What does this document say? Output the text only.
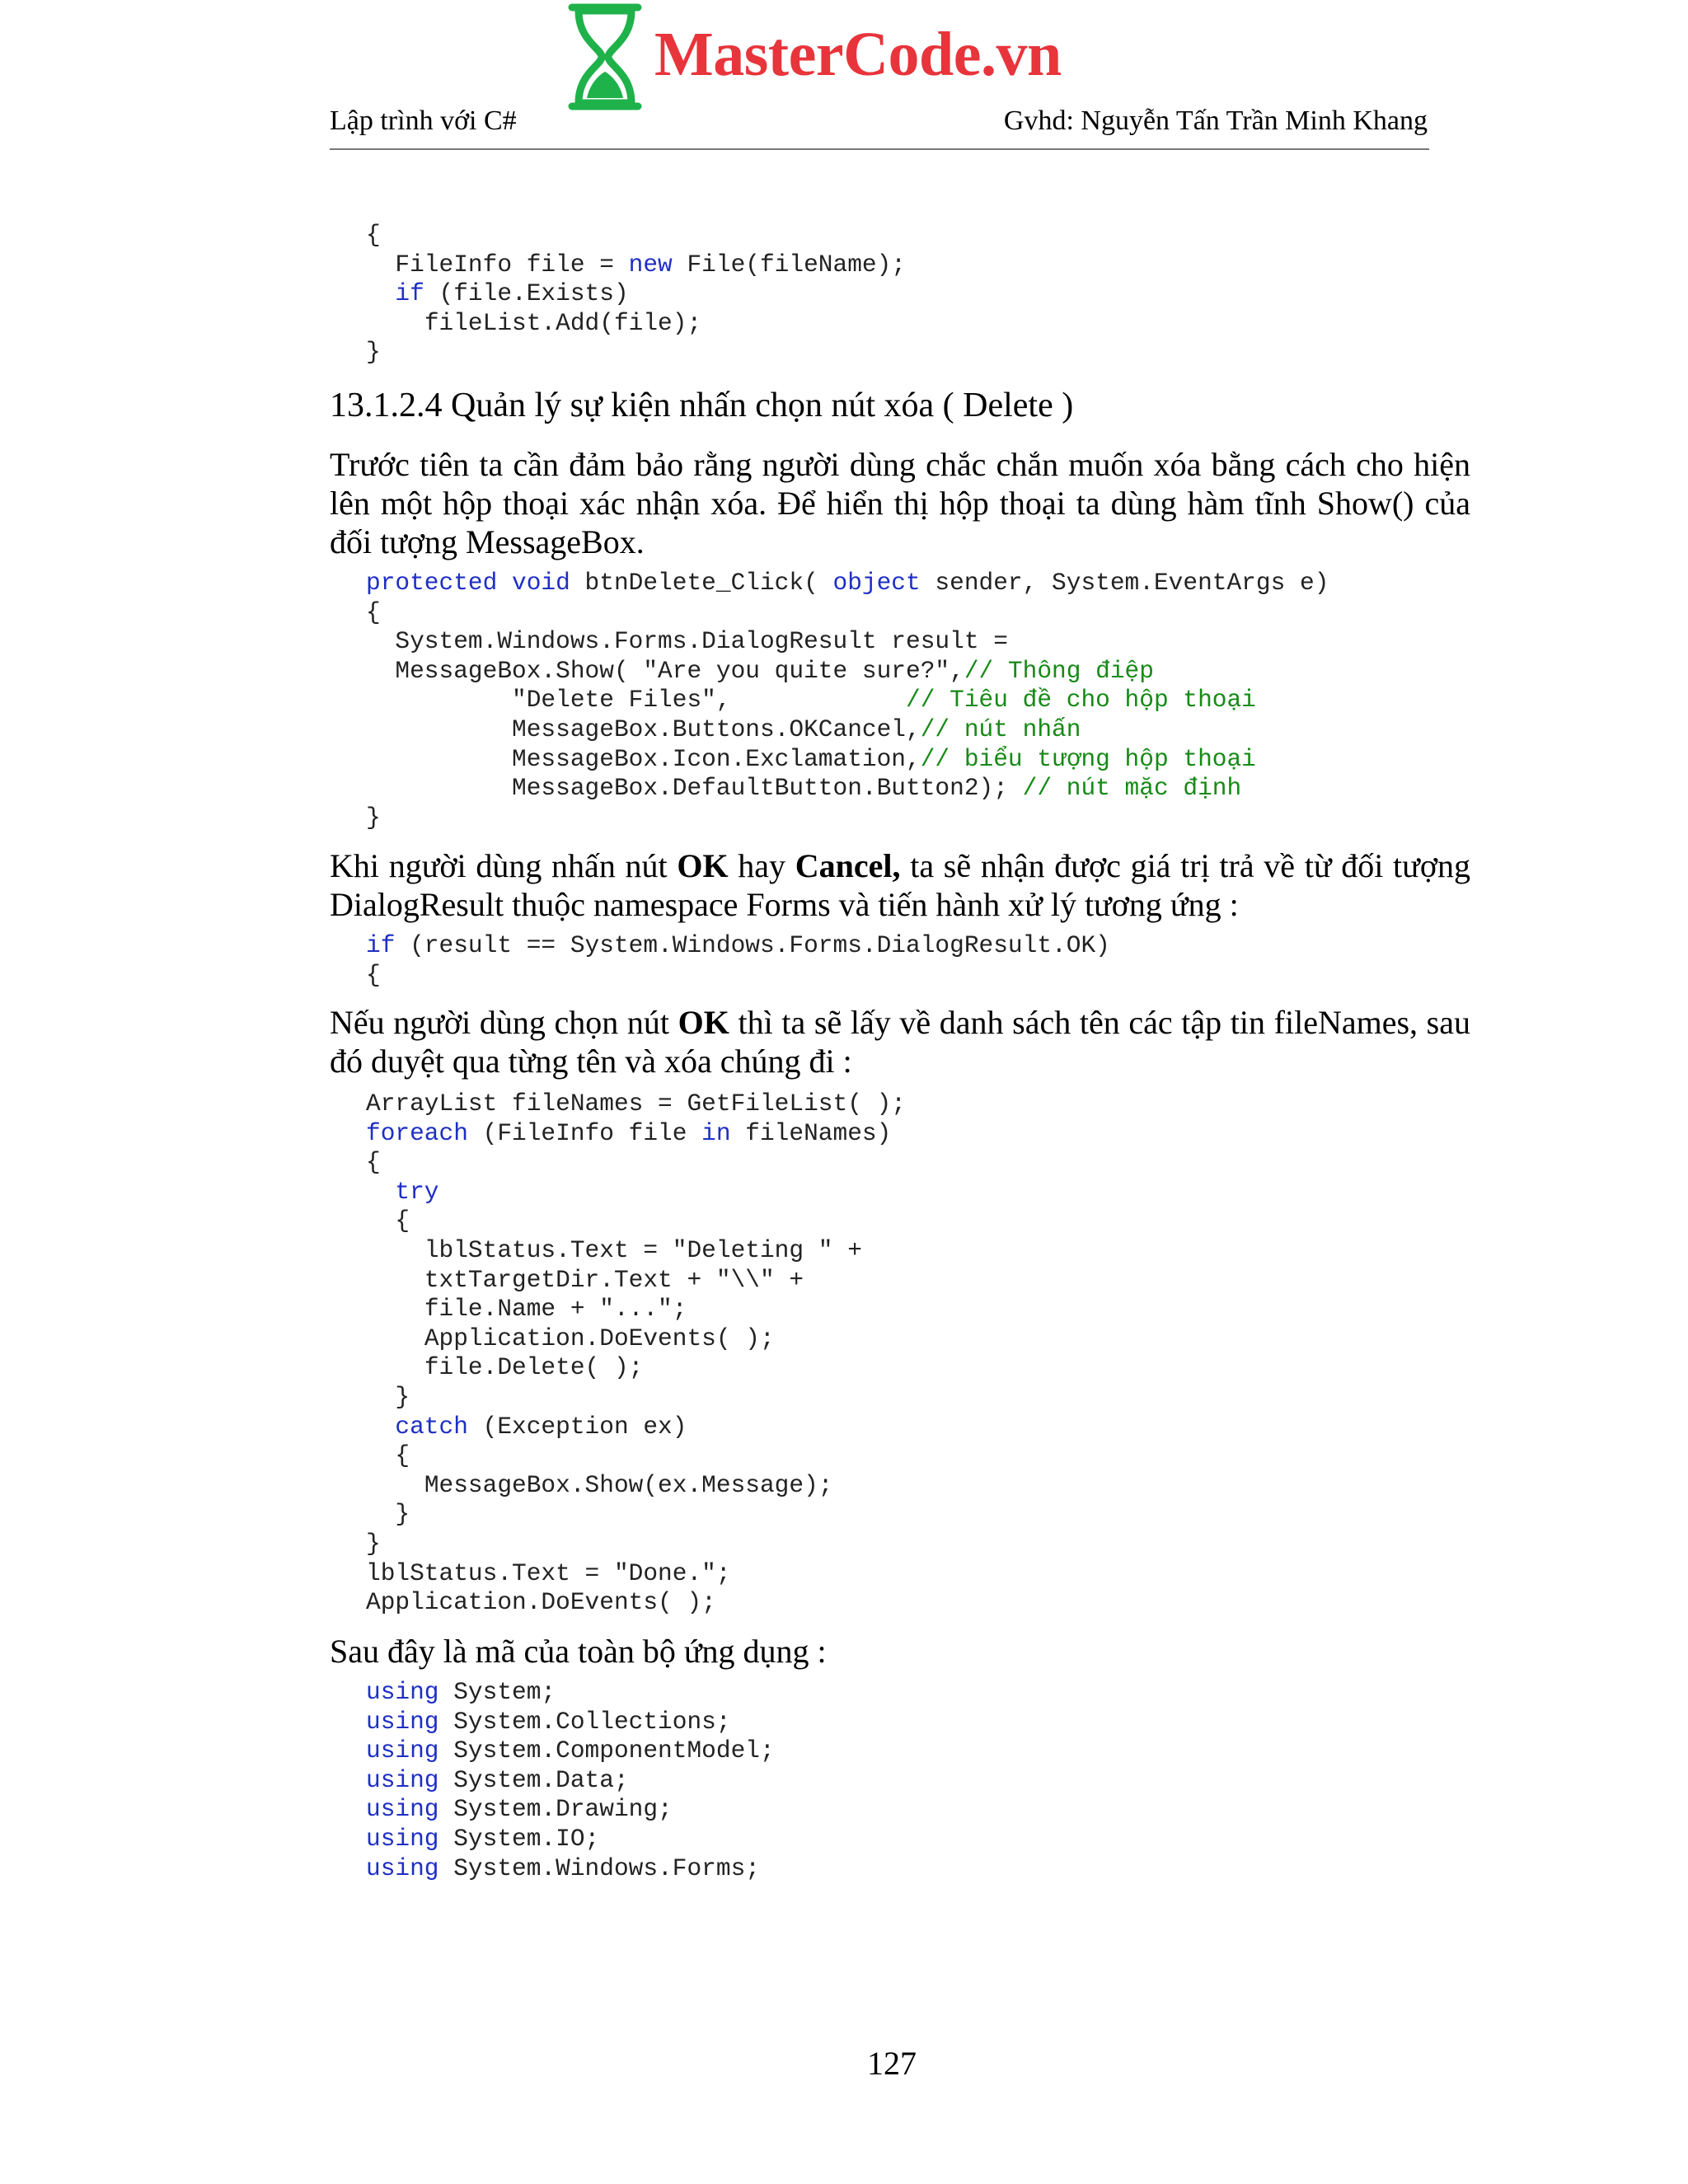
MasterCode.vn
Lập trình với C#	Gvhd: Nguyễn Tấn Trần Minh Khang
{
FileInfo file = new File(fileName);
if (file.Exists)
fileList.Add(file);
}
13.1.2.4 Quản lý sự kiện nhấn chọn nút xóa ( Delete )
Trước tiên ta cần đảm bảo rằng người dùng chắc chắn muốn xóa bằng cách cho hiện lên một hộp thoại xác nhận xóa. Để hiển thị hộp thoại ta dùng hàm tĩnh Show() của đối tượng MessageBox.
protected void btnDelete_Click( object sender, System.EventArgs e)
{
System.Windows.Forms.DialogResult result =
MessageBox.Show( "Are you quite sure?",// Thông điệp
"Delete Files",            // Tiêu đề cho hộp thoại
MessageBox.Buttons.OKCancel,// nút nhấn
MessageBox.Icon.Exclamation,// biểu tượng hộp thoại
MessageBox.DefaultButton.Button2); // nút mặc định
}
Khi người dùng nhấn nút OK hay Cancel, ta sẽ nhận được giá trị trả về từ đối tượng DialogResult thuộc namespace Forms và tiến hành xử lý tương ứng :
if (result == System.Windows.Forms.DialogResult.OK)
{
Nếu người dùng chọn nút OK thì ta sẽ lấy về danh sách tên các tập tin fileNames, sau đó duyệt qua từng tên và xóa chúng đi :
ArrayList fileNames = GetFileList( );
foreach (FileInfo file in fileNames)
{
try
{
lblStatus.Text = "Deleting " +
txtTargetDir.Text + "\\" +
file.Name + "...";
Application.DoEvents( );
file.Delete( );
}
catch (Exception ex)
{
MessageBox.Show(ex.Message);
}
}
lblStatus.Text = "Done.";
Application.DoEvents( );
Sau đây là mã của toàn bộ ứng dụng :
using System;
using System.Collections;
using System.ComponentModel;
using System.Data;
using System.Drawing;
using System.IO;
using System.Windows.Forms;
127
